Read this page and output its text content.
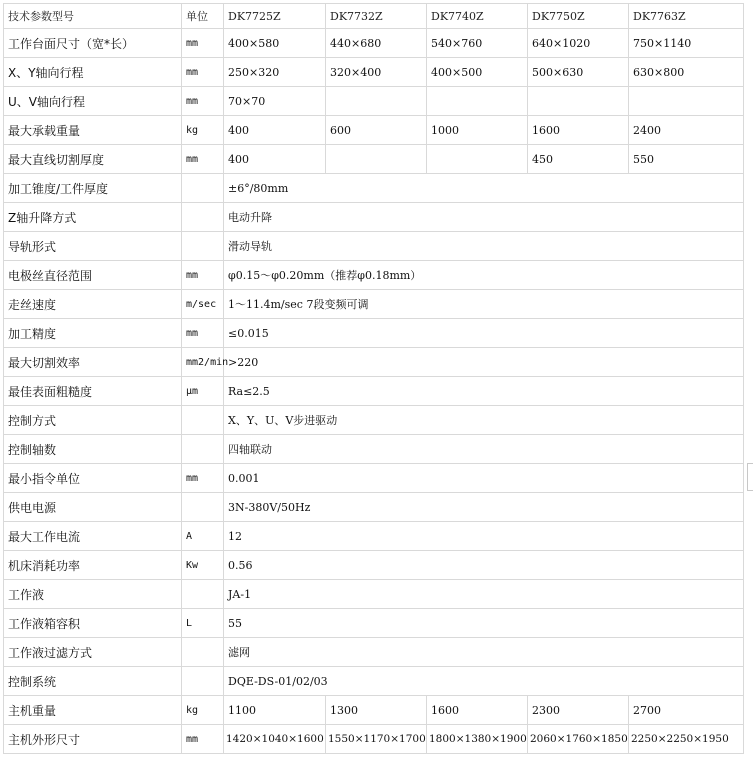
技术参数型号	单位	DK7725Z	DK7732Z	DK7740Z	DK7750Z	DK7763Z
工作台面尺寸（宽*长）	mm	400×580	440×680	540×760	640×1020	750×1140
X、Y轴向行程	mm	250×320	320×400	400×500	500×630	630×800
U、V轴向行程	mm	70×70				
最大承载重量	kg	400	600	1000	1600	2400
最大直线切割厚度	mm	400			450	550
加工锥度/工件厚度		±6°/80mm				
Z轴升降方式		电动升降				
导轨形式		滑动导轨				
电极丝直径范围	mm	φ0.15～φ0.20mm（推荐φ0.18mm）				
走丝速度	m/sec	1～11.4m/sec 7段变频可调				
加工精度	mm	≤0.015				
最大切割效率	mm2/min	>220				
最佳表面粗糙度	μm	Ra≤2.5				
控制方式		X、Y、U、V步进驱动				
控制轴数		四轴联动				
最小指令单位	mm	0.001				
供电电源		3N-380V/50Hz				
最大工作电流	A	12				
机床消耗功率	Kw	0.56				
工作液		JA-1				
工作液箱容积	L	55				
工作液过滤方式		滤网				
控制系统		DQE-DS-01/02/03				
主机重量	kg	1100	1300	1600	2300	2700
主机外形尺寸	mm	1420×1040×1600	1550×1170×1700	1800×1380×1900	2060×1760×1850	2250×2250×1950
